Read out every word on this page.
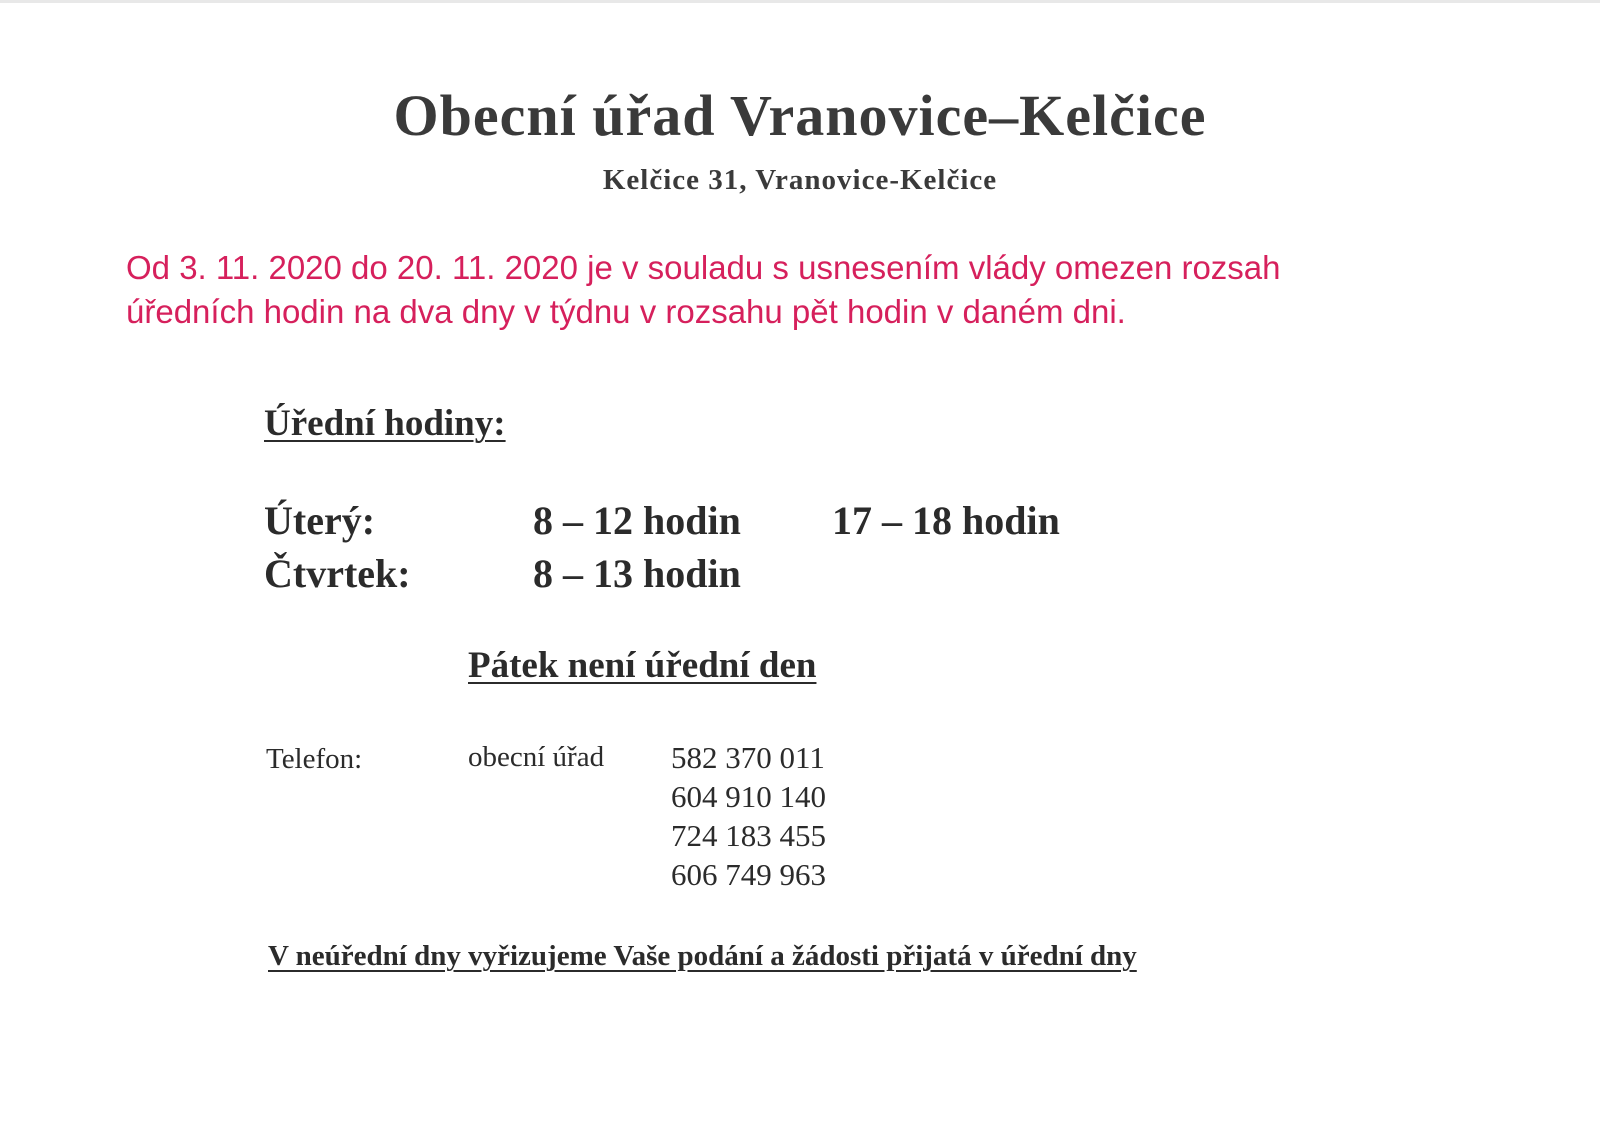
Obecní úřad Vranovice–Kelčice
Kelčice 31, Vranovice-Kelčice
Od 3. 11. 2020 do 20. 11. 2020 je v souladu s usnesením vlády omezen rozsah
úředních hodin na dva dny v týdnu v rozsahu pět hodin v daném dni.
Úřední hodiny:
Úterý:	8 – 12 hodin 17 – 18 hodin
Čtvrtek:	8 – 13 hodin
Pátek není úřední den
Telefon:	obecní úřad 582 370 011
604 910 140
724 183 455
606 749 963
V neúřední dny vyřizujeme Vaše podání a žádosti přijatá v úřední dny
